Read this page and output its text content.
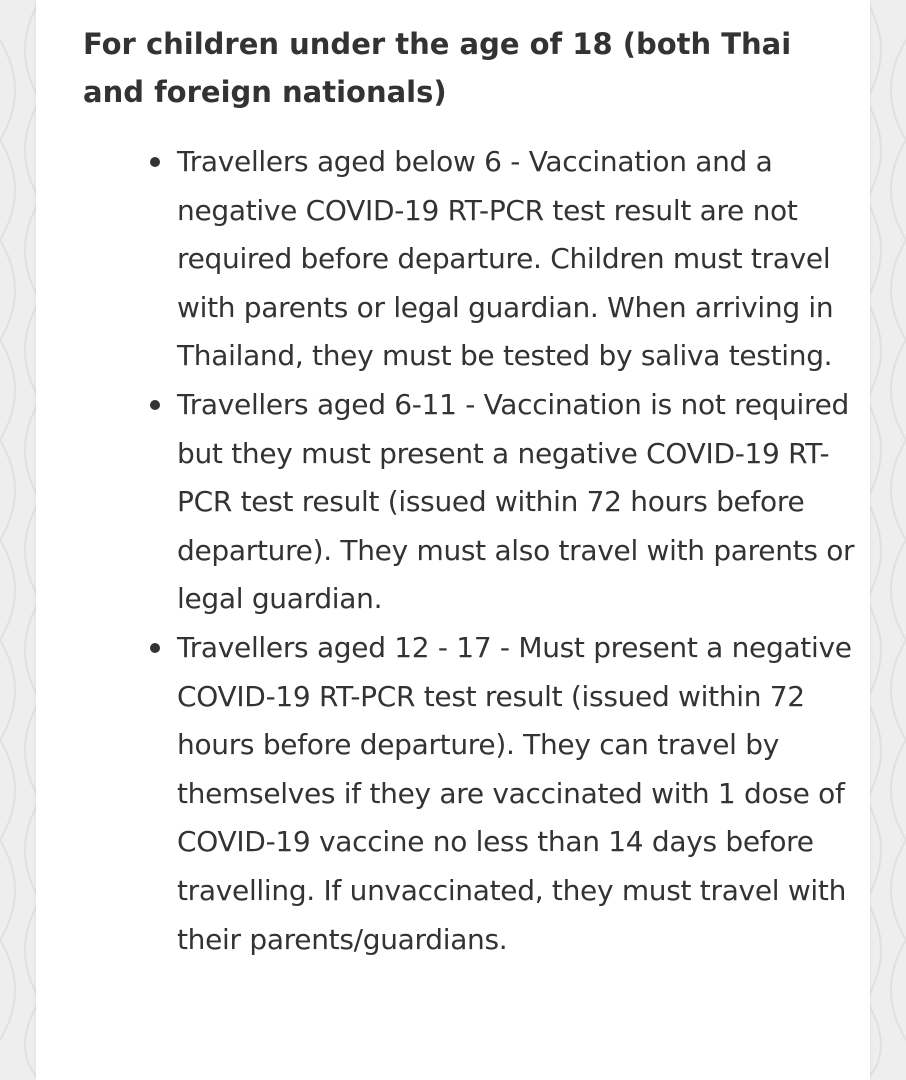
For children under the age of 18 (both Thai and foreign nationals)
Travellers aged below 6 - Vaccination and a negative COVID-19 RT-PCR test result are not required before departure. Children must travel with parents or legal guardian. When arriving in Thailand, they must be tested by saliva testing.
Travellers aged 6-11 - Vaccination is not required but they must present a negative COVID-19 RT-PCR test result (issued within 72 hours before departure). They must also travel with parents or legal guardian.
Travellers aged 12 - 17 - Must present a negative COVID-19 RT-PCR test result (issued within 72 hours before departure). They can travel by themselves if they are vaccinated with 1 dose of COVID-19 vaccine no less than 14 days before travelling. If unvaccinated, they must travel with their parents/guardians.
